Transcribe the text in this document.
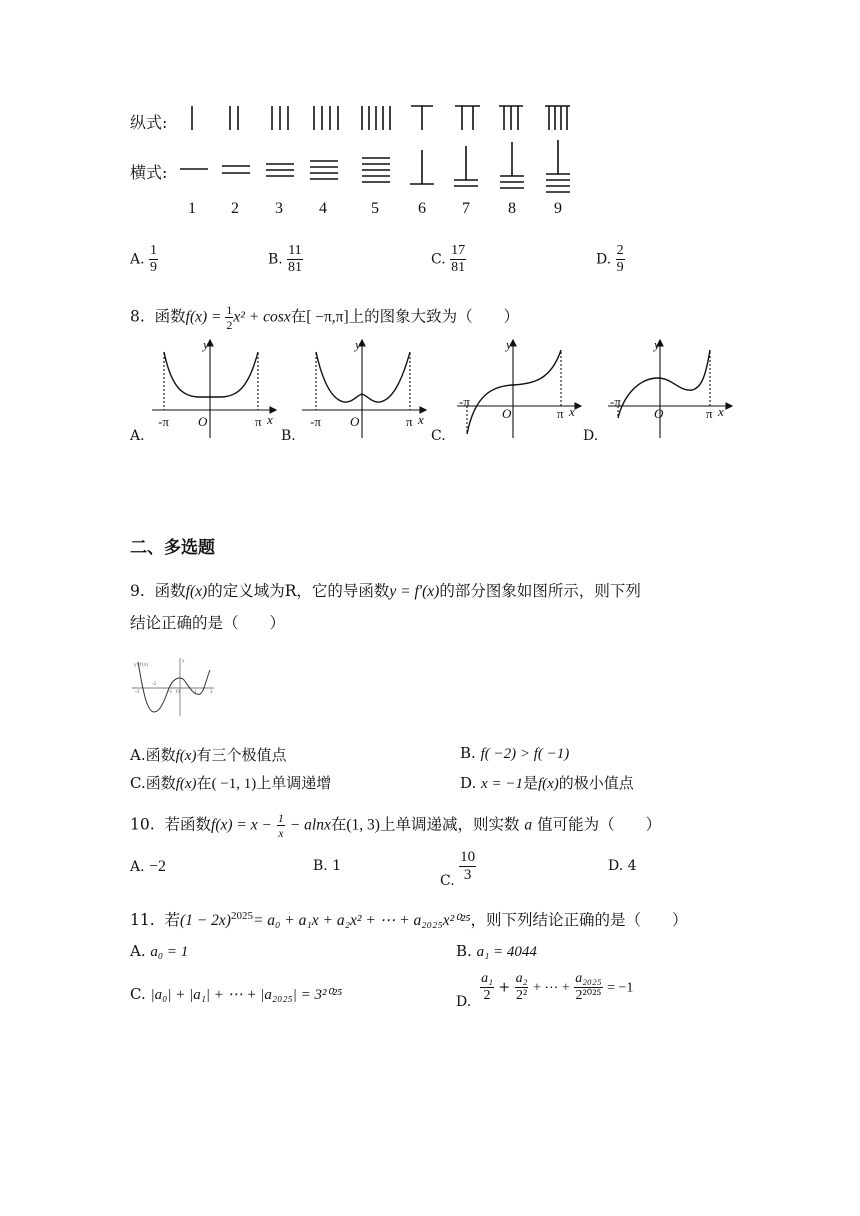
纵式:
横式:
1 2 3 4	5 6 7 8 9
A. $\frac{1}{9}$	B. $\frac{11}{81}$	C. $\frac{17}{81}$	D. $\frac{2}{9}$
8. 函数$f(x) = \frac{1}{2} x^2 + \cos x$在[ −π,π]上的图象大致为（　　）
y
-π O	π x
A.
y
-π O	π x
B.
y
-π
O	π x
C.
y
-π
O	π x
D.
二、多选题
9. 函数f(x)的定义域为R，它的导函数y = f′(x)的部分图象如图所示，则下列
结论正确的是（　　）
y=f′(x)
-3
-2
-1 O	1	3
y
A.函数f(x)有三个极值点	B. f( −2) > f( −1)
C.函数f(x)在( −1, 1)上单调递增	D. x = −1是f(x)的极小值点
10. 若函数$f(x) = x - \frac{1}{x} - alnx$在(1, 3)上单调递减，则实数 a 值可能为（　　）
A. −2	B. 1
C. $\frac{10}{3}$	D. 4
11. 若$(1 - 2x)^{2025}= a_0 + a_1x + a_2x^2$ + ⋯ + a₂₀₂₅x²⁰²⁵，则下列结论正确的是（　　）
A. a₀ = 1	B. a₁ = 4044
C. |a₀| + |a₁| + ⋯ + |a₂₀₂₅| = 3²⁰²⁵	D. $\frac{\text{a₁}}{2} + \frac{\text{a₂}}{\text{2²}}$ + ⋯ + $\frac{\text{a₂₀₂₅}}{\text{2²⁰²⁵}} = -1$
